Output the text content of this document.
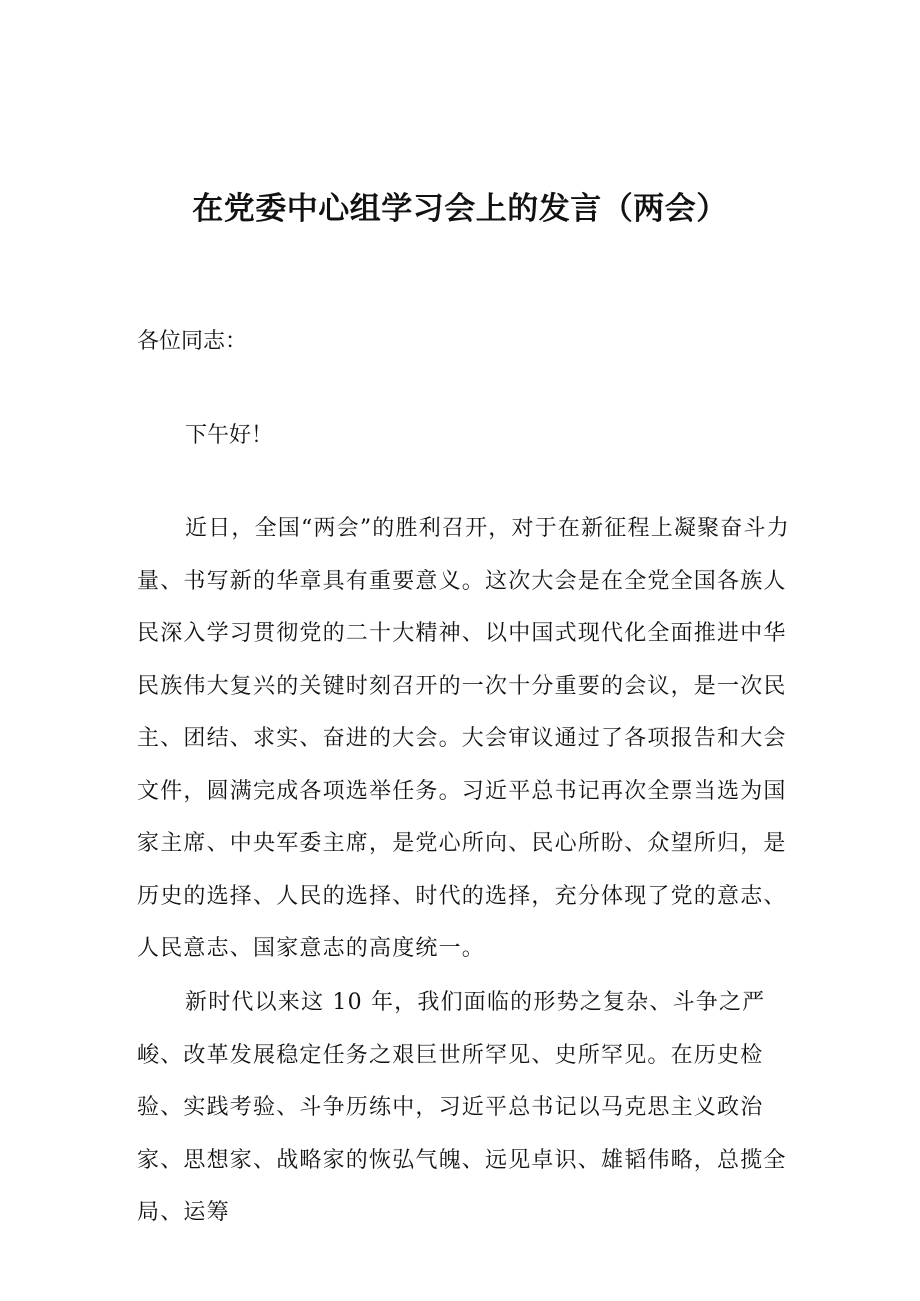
在党委中心组学习会上的发言（两会）

各位同志：

下午好！

近日，全国“两会”的胜利召开，对于在新征程上凝聚奋斗力量、书写新的华章具有重要意义。这次大会是在全党全国各族人民深入学习贯彻党的二十大精神、以中国式现代化全面推进中华民族伟大复兴的关键时刻召开的一次十分重要的会议，是一次民主、团结、求实、奋进的大会。大会审议通过了各项报告和大会文件，圆满完成各项选举任务。习近平总书记再次全票当选为国家主席、中央军委主席，是党心所向、民心所盼、众望所归，是历史的选择、人民的选择、时代的选择，充分体现了党的意志、人民意志、国家意志的高度统一。

新时代以来这 10 年，我们面临的形势之复杂、斗争之严峻、改革发展稳定任务之艰巨世所罕见、史所罕见。在历史检验、实践考验、斗争历练中，习近平总书记以马克思主义政治家、思想家、战略家的恢弘气魄、远见卓识、雄韬伟略，总揽全局、运筹
